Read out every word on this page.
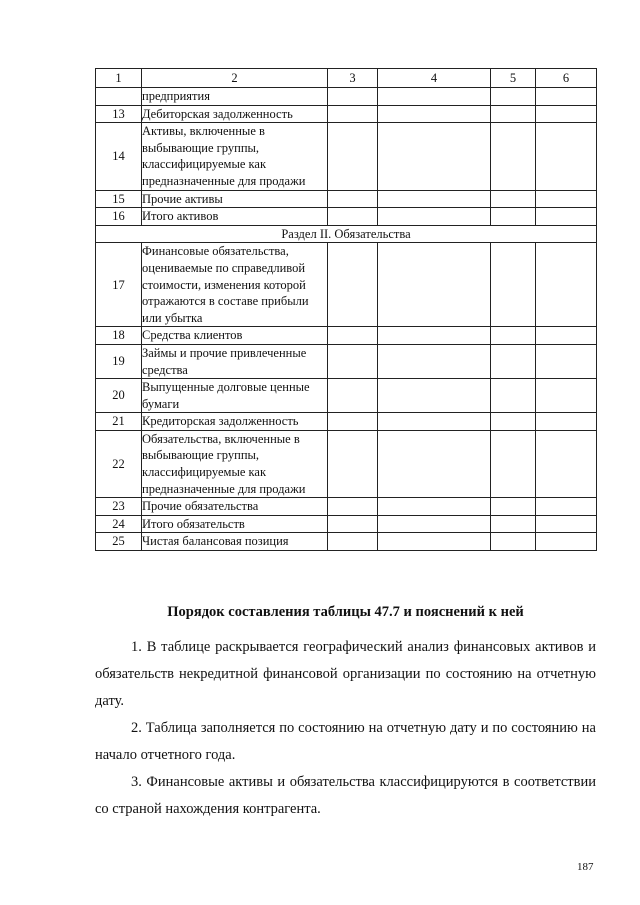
1	2	3	4	5	6
	предприятия				
13	Дебиторская задолженность				
14	Активы, включенные в выбывающие группы, классифицируемые как предназначенные для продажи				
15	Прочие активы				
16	Итого активов				
Раздел II. Обязательства					
17	Финансовые обязательства, оцениваемые по справедливой стоимости, изменения которой отражаются в составе прибыли или убытка				
18	Средства клиентов				
19	Займы и прочие привлеченные средства				
20	Выпущенные долговые ценные бумаги				
21	Кредиторская задолженность				
22	Обязательства, включенные в выбывающие группы, классифицируемые как предназначенные для продажи				
23	Прочие обязательства				
24	Итого обязательств				
25	Чистая балансовая позиция				
Порядок составления таблицы 47.7 и пояснений к ней

1. В таблице раскрывается географический анализ финансовых активов и обязательств некредитной финансовой организации по состоянию на отчетную дату.

2. Таблица заполняется по состоянию на отчетную дату и по состоянию на начало отчетного года.

3. Финансовые активы и обязательства классифицируются в соответствии со страной нахождения контрагента.

187
